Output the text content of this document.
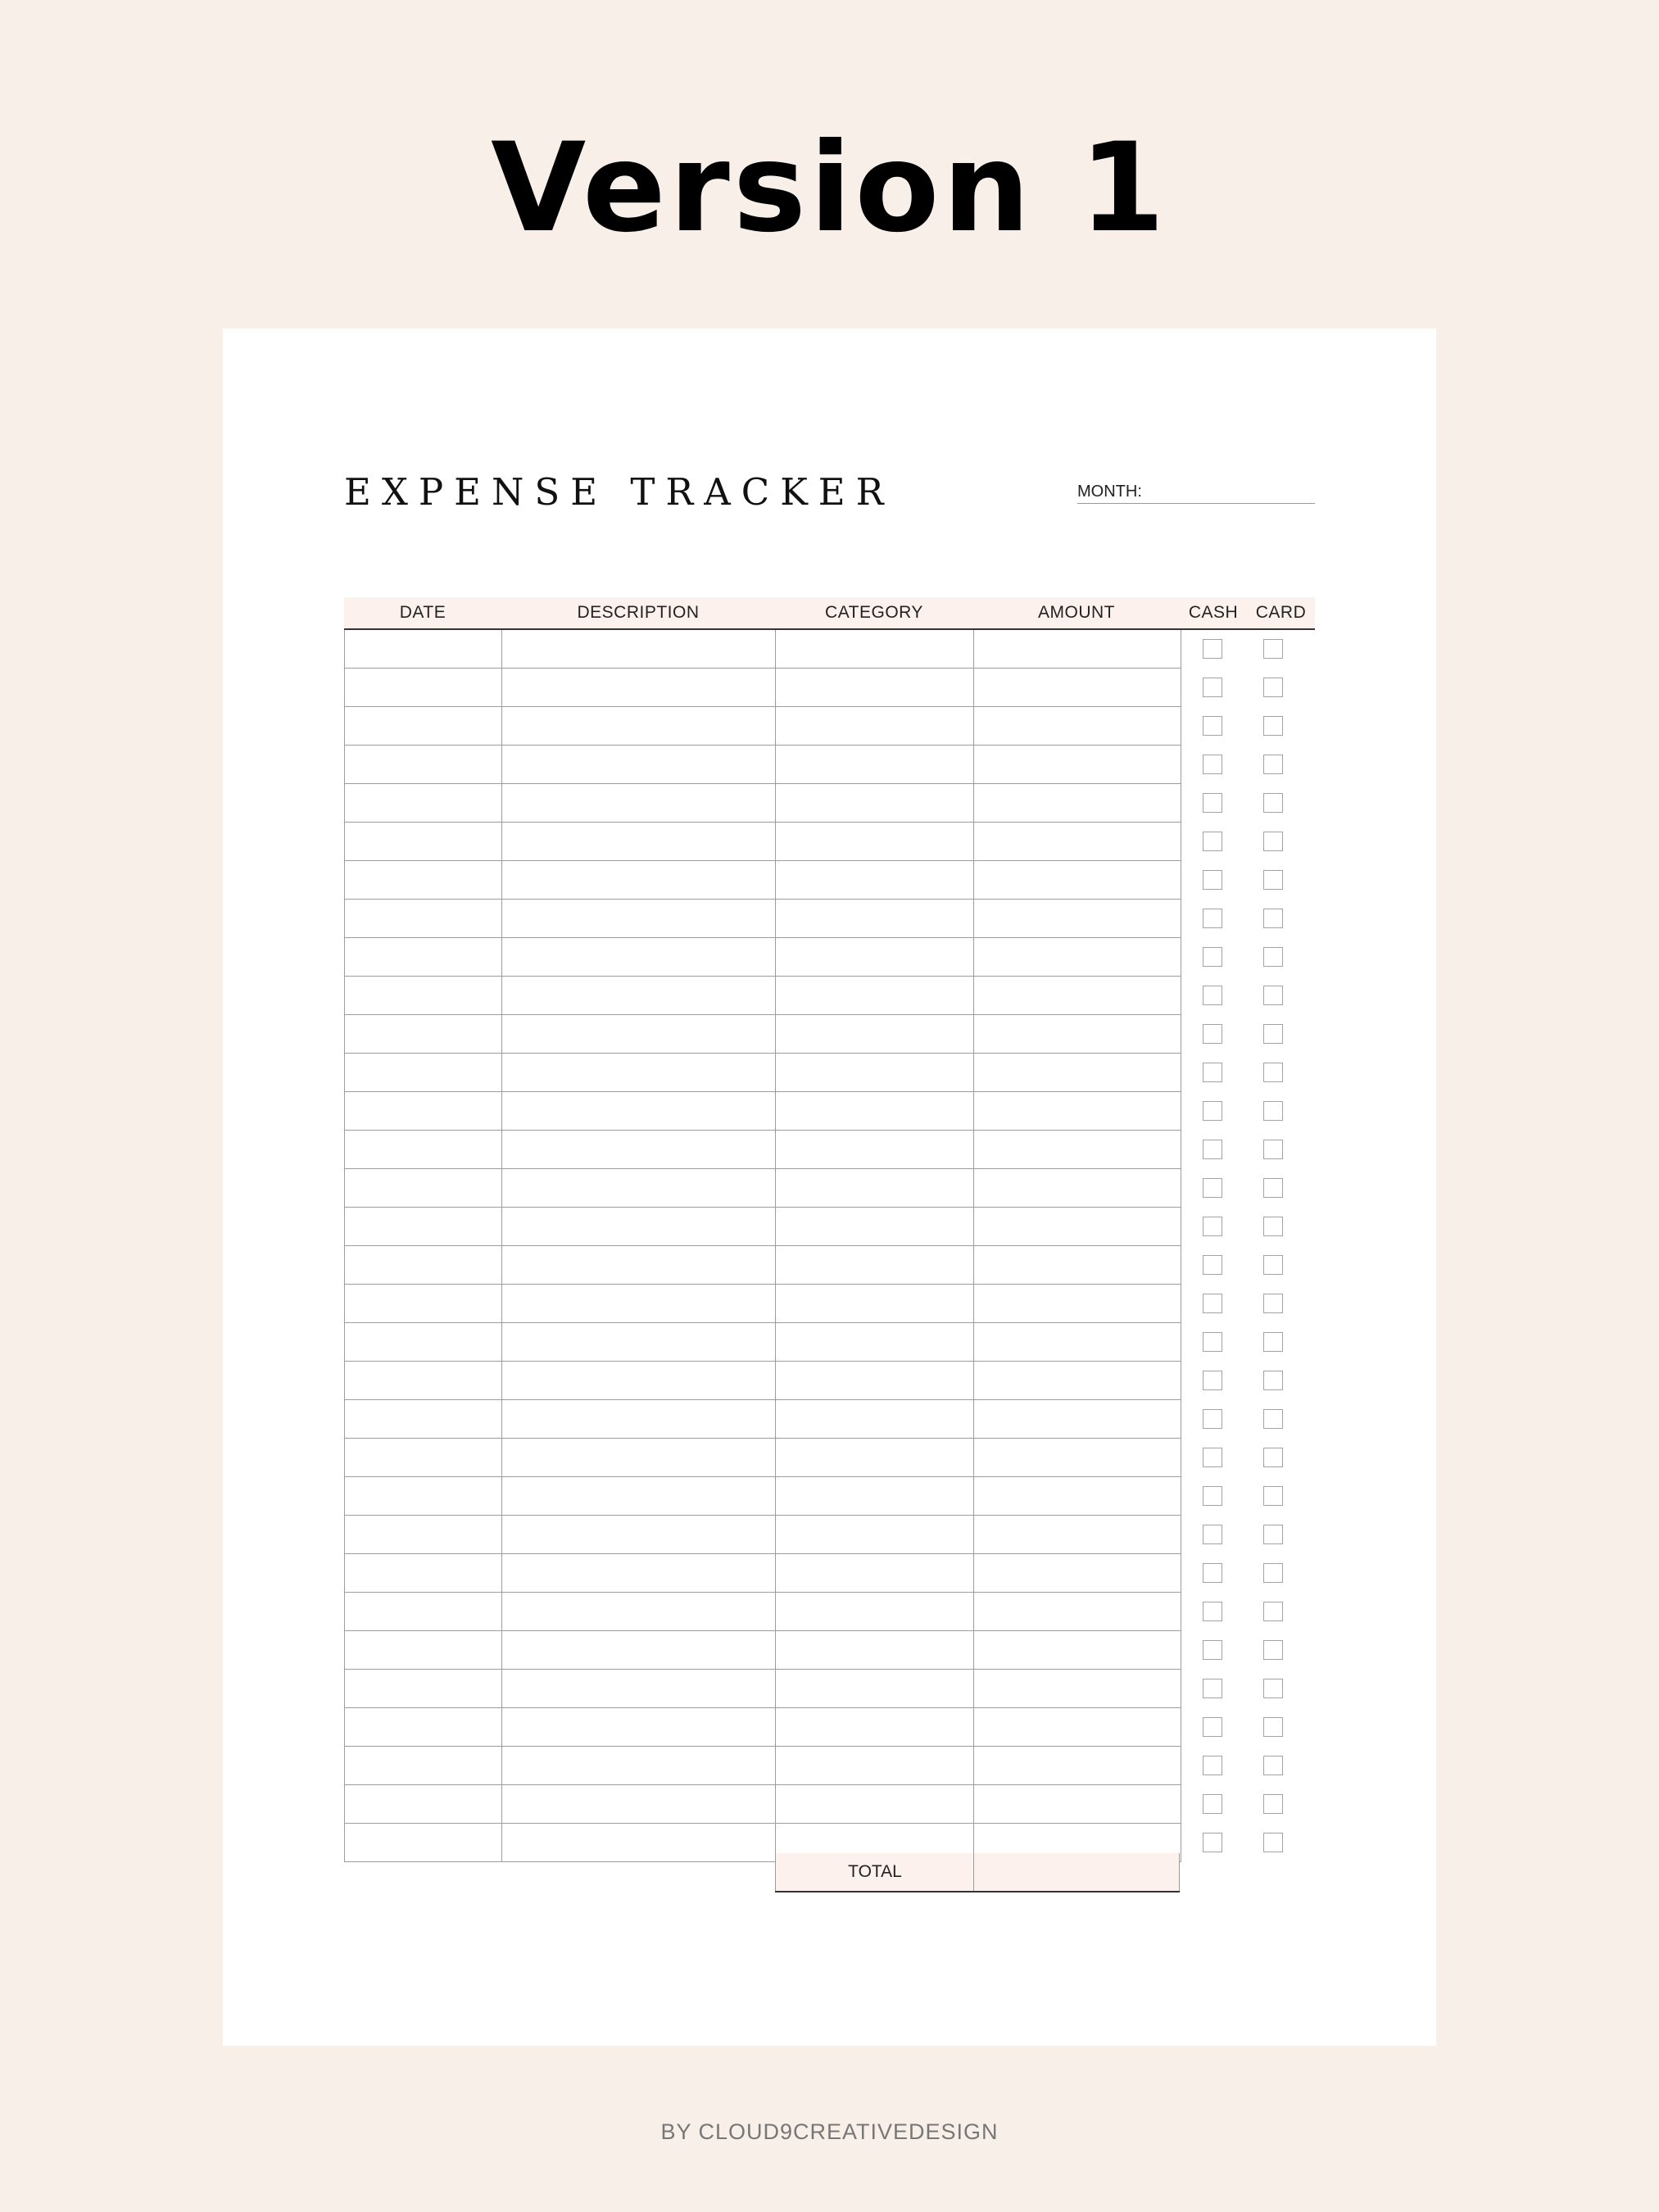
Version 1
EXPENSE TRACKER	MONTH:
DATE	DESCRIPTION	CATEGORY	AMOUNT	CASH	CARD
TOTAL
BY CLOUD9CREATIVEDESIGN
